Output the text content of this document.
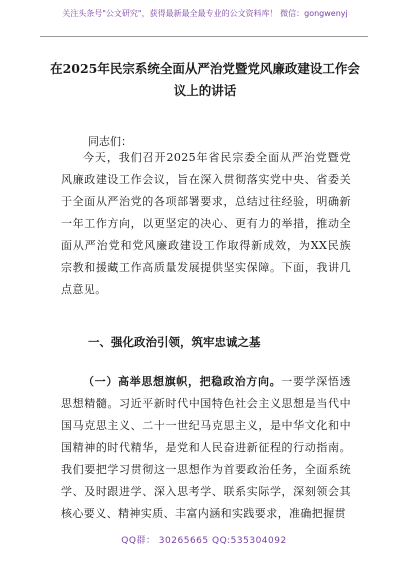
关注头条号"公文研究"，获得最新最全最专业的公文资料库！ 微信：gongwenyj
在2025年民宗系统全面从严治党暨党风廉政建设工作会议上的讲话
同志们：
今天，我们召开2025年省民宗委全面从严治党暨党风廉政建设工作会议，旨在深入贯彻落实党中央、省委关于全面从严治党的各项部署要求，总结过往经验，明确新一年工作方向，以更坚定的决心、更有力的举措，推动全面从严治党和党风廉政建设工作取得新成效，为XX民族宗教和援藏工作高质量发展提供坚实保障。下面，我讲几点意见。
一、强化政治引领，筑牢忠诚之基
（一）高举思想旗帜，把稳政治方向。一要学深悟透思想精髓。习近平新时代中国特色社会主义思想是当代中国马克思主义、二十一世纪马克思主义，是中华文化和中国精神的时代精华，是党和人民奋进新征程的行动指南。我们要把学习贯彻这一思想作为首要政治任务，全面系统学、及时跟进学、深入思考学、联系实际学，深刻领会其核心要义、精神实质、丰富内涵和实践要求，准确把握贯
QQ群： 30265665 QQ:535304092
